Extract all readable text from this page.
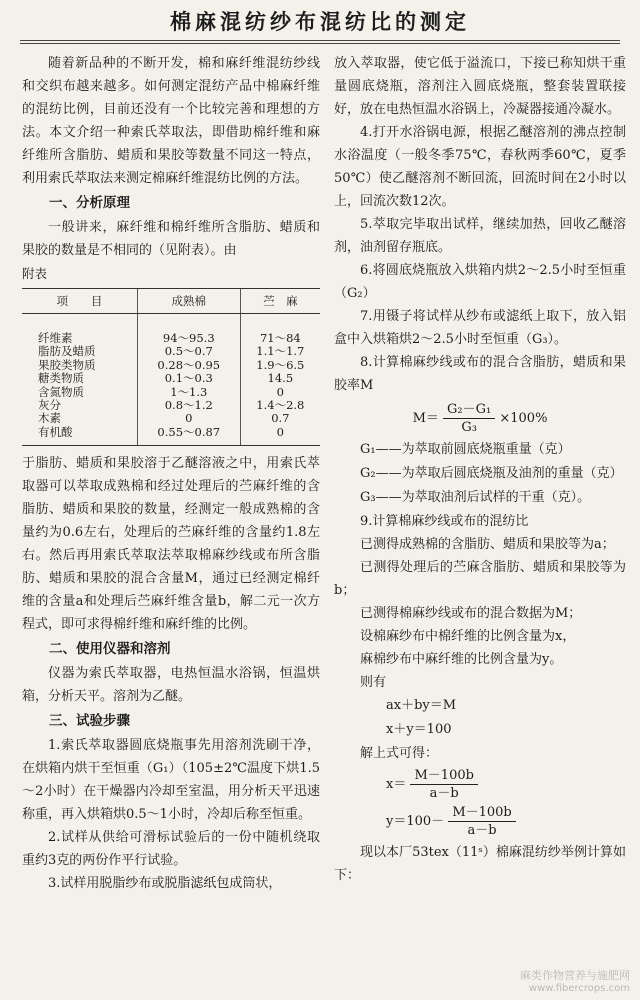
棉麻混纺纱布混纺比的测定

随着新品种的不断开发，棉和麻纤维混纺纱线和交织布越来越多。如何测定混纺产品中棉麻纤维的混纺比例，目前还没有一个比较完善和理想的方法。本文介绍一种索氏萃取法，即借助棉纤维和麻纤维所含脂肪、蜡质和果胶等数量不同这一特点，利用索氏萃取法来测定棉麻纤维混纺比例的方法。

一、分析原理

一般讲来，麻纤维和棉纤维所含脂肪、蜡质和果胶的数量是不相同的（见附表）。由

附表
项　　目	成熟棉	苎　麻
纤维素	94～95.3	71～84
脂肪及蜡质	0.5～0.7	1.1～1.7
果胶类物质	0.28～0.95	1.9～6.5
糖类物质	0.1～0.3	14.5
含氮物质	1～1.3	0
灰分	0.8～1.2	1.4～2.8
木素	0	0.7
有机酸	0.55～0.87	0

于脂肪、蜡质和果胶溶于乙醚溶液之中，用索氏萃取器可以萃取成熟棉和经过处理后的苎麻纤维的含脂肪、蜡质和果胶的数量，经测定一般成熟棉的含量约为0.6左右，处理后的苎麻纤维的含量约1.8左右。然后再用索氏萃取法萃取棉麻纱线或布所含脂肪、蜡质和果胶的混合含量M，通过已经测定棉纤维的含量a和处理后苎麻纤维含量b，解二元一次方程式，即可求得棉纤维和麻纤维的比例。

二、使用仪器和溶剂

仪器为索氏萃取器，电热恒温水浴锅，恒温烘箱，分析天平。溶剂为乙醚。

三、试验步骤

1.索氏萃取器圆底烧瓶事先用溶剂洗刷干净，在烘箱内烘干至恒重（G₁）（105±2℃温度下烘1.5～2小时）在干燥器内冷却至室温，用分析天平迅速称重，再入烘箱烘0.5～1小时，冷却后称至恒重。

2.试样从供给可滑标试验后的一份中随机绕取重约3克的两份作平行试验。

3.试样用脱脂纱布或脱脂滤纸包成筒状，

放入萃取器，使它低于溢流口，下接已称知烘干重量圆底烧瓶，溶剂注入圆底烧瓶，整套装置联接好，放在电热恒温水浴锅上，冷凝器接通冷凝水。

4.打开水浴锅电源，根据乙醚溶剂的沸点控制水浴温度（一般冬季75℃，春秋两季60℃，夏季50℃）使乙醚溶剂不断回流，回流时间在2小时以上，回流次数12次。

5.萃取完毕取出试样，继续加热，回收乙醚溶剂，油剂留存瓶底。

6.将圆底烧瓶放入烘箱内烘2～2.5小时至恒重（G₂）

7.用镊子将试样从纱布或滤纸上取下，放入铝盒中入烘箱烘2～2.5小时至恒重（G₃）。

8.计算棉麻纱线或布的混合含脂肪，蜡质和果胶率M

$M= \frac{\text{G₂－G₁}}{\text{G₃}} \times 100\%$
G₁——为萃取前圆底烧瓶重量（克）
G₂——为萃取后圆底烧瓶及油剂的重量（克）
G₃——为萃取油剂后试样的干重（克）。

9.计算棉麻纱线或布的混纺比

已测得成熟棉的含脂肪、蜡质和果胶等为a；

已测得处理后的苎麻含脂肪、蜡质和果胶等为b；

已测得棉麻纱线或布的混合数据为M；

设棉麻纱布中棉纤维的比例含量为x，

麻棉纱布中麻纤维的比例含量为y。

则有

ax＋by＝M
x＋y＝100

解上式可得：

$x= \frac{M-100b}{a-b}$
$y=100- \frac{M-100b}{a-b}$

现以本厂53tex（11ˢ）棉麻混纺纱举例计算如下：

麻类作物营养与施肥网
www.fibercrops.com
